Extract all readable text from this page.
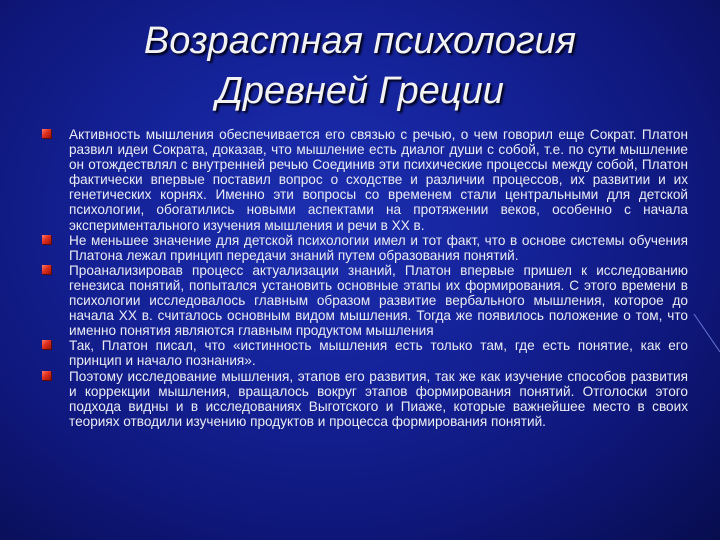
Возрастная психология
Древней Греции
Активность мышления обеспечивается его связью с речью, о чем говорил еще Сократ. Платон развил идеи Сократа, доказав, что мышление есть диалог души с собой, т.е. по сути мышление он отождествлял с внутренней речью Соединив эти психические процессы между собой, Платон фактически впервые поставил вопрос о сходстве и различии процессов, их развитии и их генетических корнях. Именно эти вопросы со временем стали центральными для детской психологии, обогатились новыми аспектами на протяжении веков, особенно с начала экспериментального изучения мышления и речи в XX в.
Не меньшее значение для детской психологии имел и тот факт, что в основе системы обучения Платона лежал принцип передачи знаний путем образования понятий.
Проанализировав процесс актуализации знаний, Платон впервые пришел к исследованию генезиса понятий, попытался установить основные этапы их формирования. С этого времени в психологии исследовалось главным образом развитие вербального мышления, которое до начала XX в. считалось основным видом мышления. Тогда же появилось положение о том, что именно понятия являются главным продуктом мышления
Так, Платон писал, что «истинность мышления есть только там, где есть понятие, как его принцип и начало познания».
Поэтому исследование мышления, этапов его развития, так же как изучение способов развития и коррекции мышления, вращалось вокруг этапов формирования понятий. Отголоски этого подхода видны и в исследованиях Выготского и Пиаже, которые важнейшее место в своих теориях отводили изучению продуктов и процесса формирования понятий.
